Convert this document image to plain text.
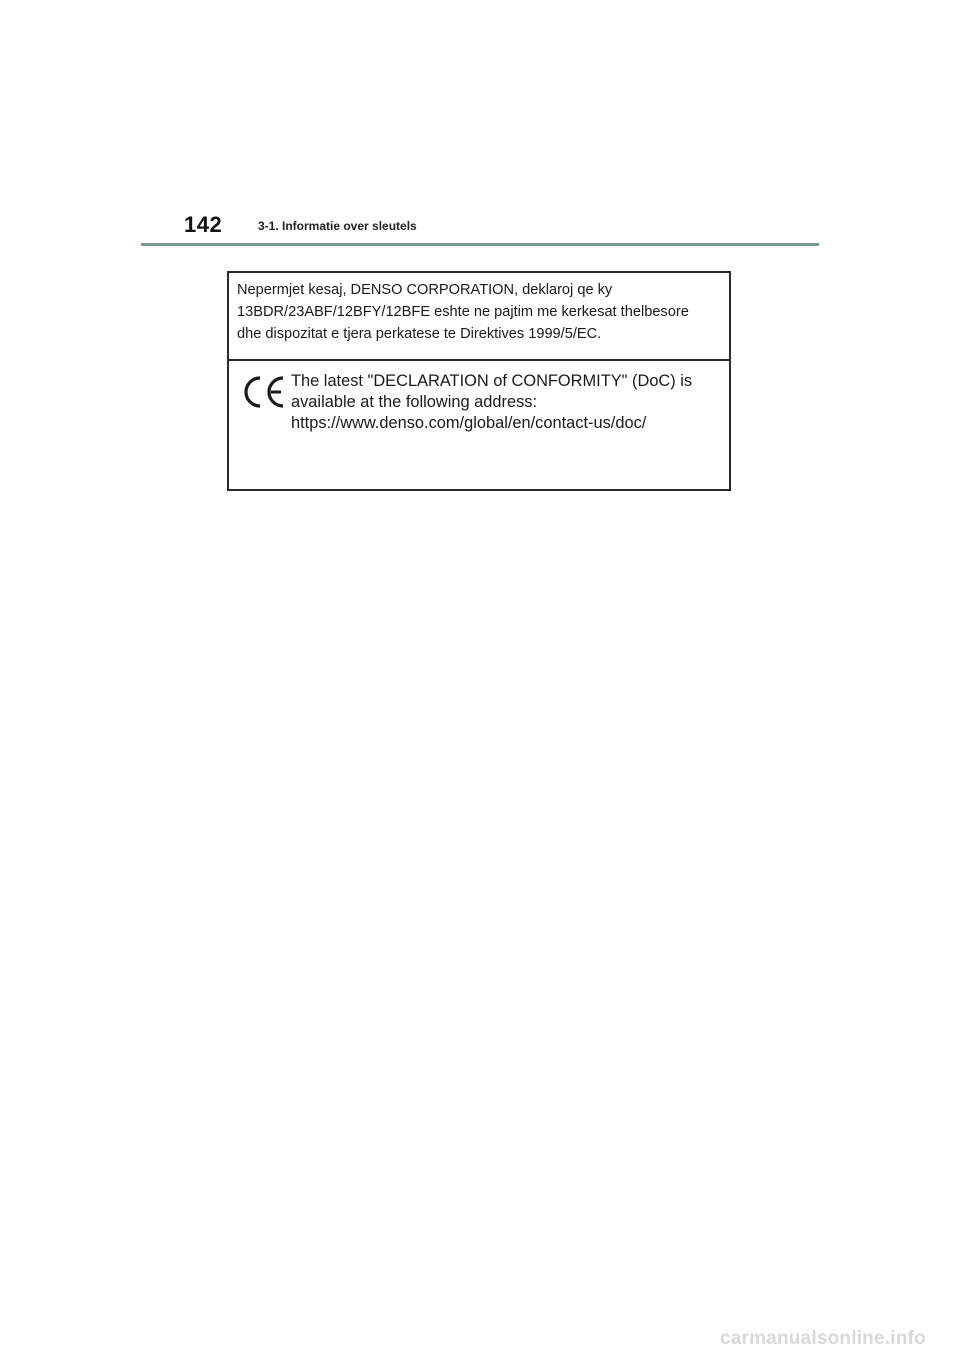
142	3-1. Informatie over sleutels
Nepermjet kesaj, DENSO CORPORATION, deklaroj qe ky
13BDR/23ABF/12BFY/12BFE eshte ne pajtim me kerkesat thelbesore
dhe dispozitat e tjera perkatese te Direktives 1999/5/EC.
The latest "DECLARATION of CONFORMITY" (DoC) is
available at the following address:
https://www.denso.com/global/en/contact-us/doc/
carmanualsonline.info
